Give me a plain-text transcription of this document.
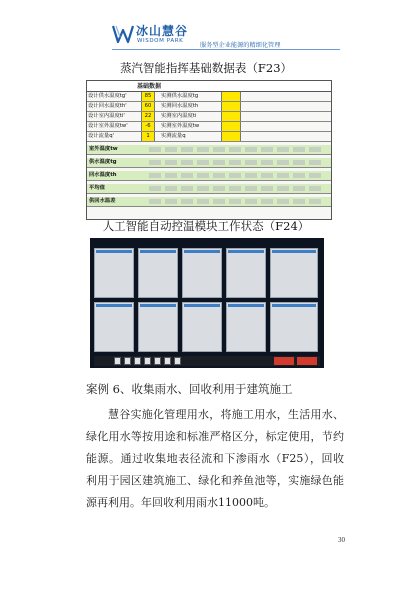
冰山慧谷
WISDOM PARK
服务型企业能源的精细化管理
蒸汽智能指挥基础数据表（F23）
基础数据
设计供水温度tg'	85	实测供水温度tg
设计回水温度th'	60	实测回水温度th
设计室内温度ti'	22	实测室内温度ti
设计室外温度tw'	-6	实测室外温度tw
设计流量q'	1	实测流量q
室外温度tw
供水温度tg
回水温度th
平均值
供回水温差
人工智能自动控温模块工作状态（F24）
案例 6、收集雨水、回收利用于建筑施工
慧谷实施化管理用水，将施工用水，生活用水、绿化用水等按用途和标准严格区分，标定使用，节约能源。通过收集地表径流和下渗雨水（F25），回收利用于园区建筑施工、绿化和养鱼池等，实施绿色能源再利用。年回收利用雨水11000吨。
30
